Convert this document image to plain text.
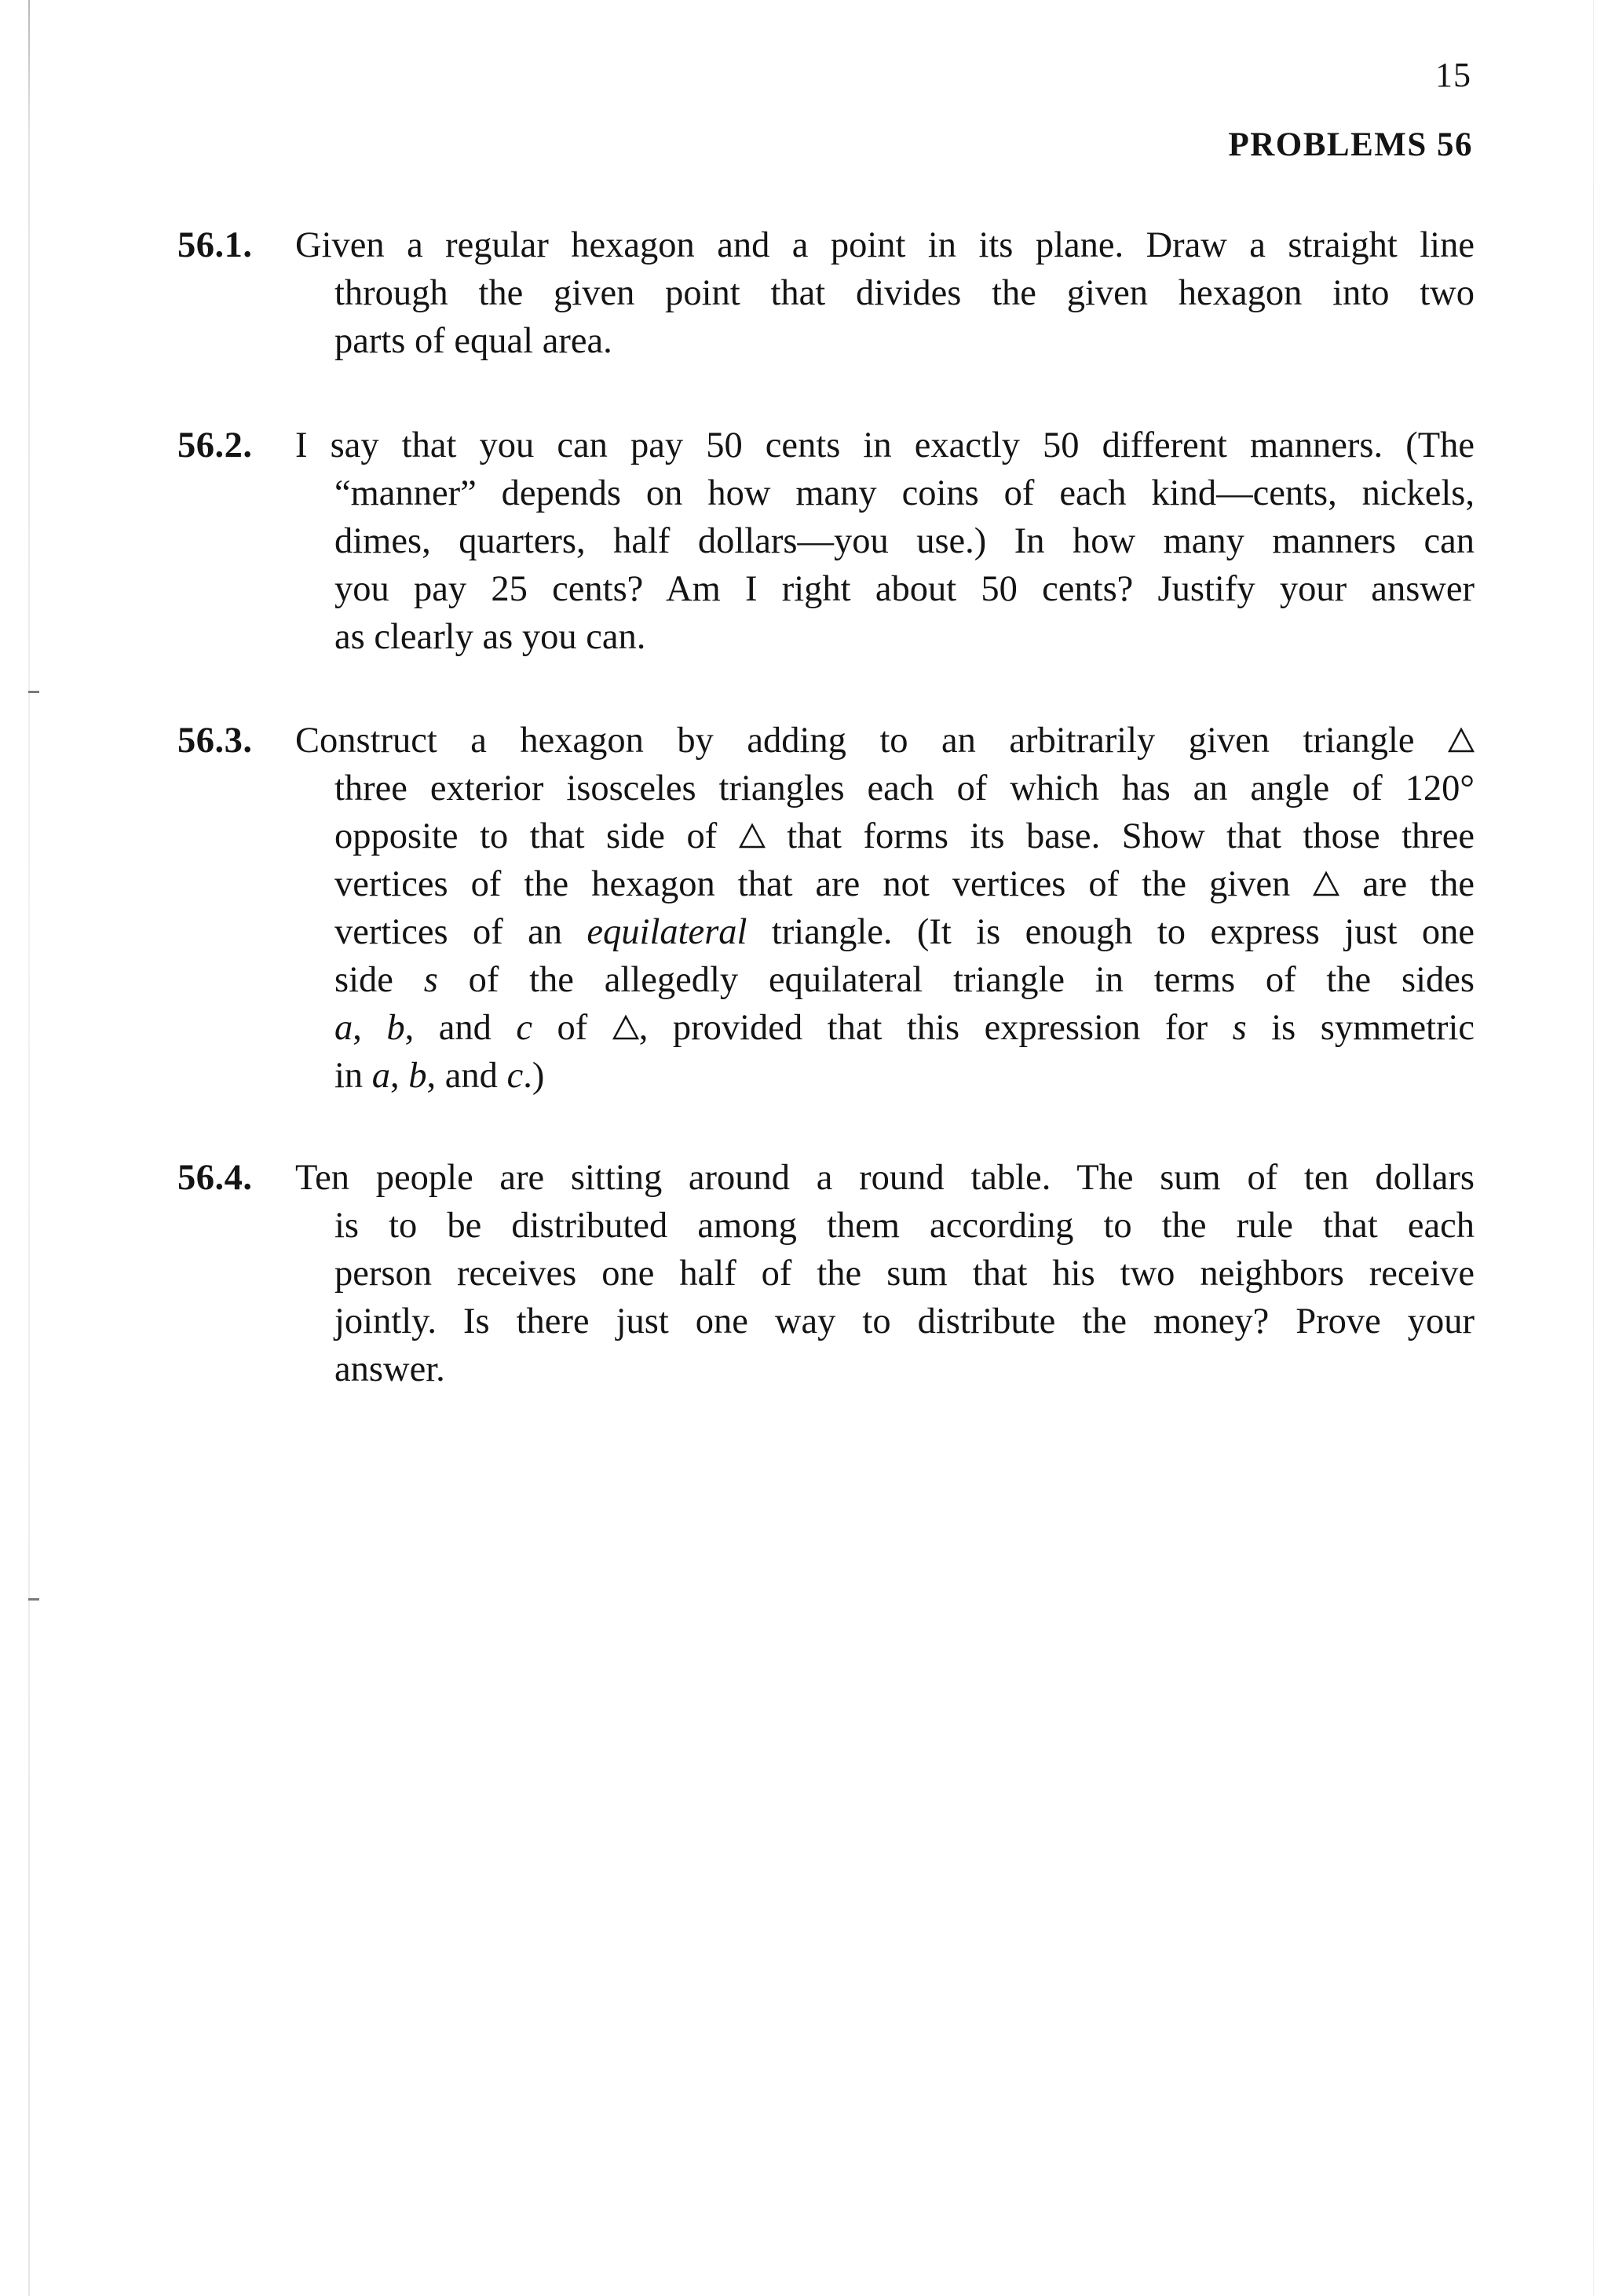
15
PROBLEMS 56
56.1. Given a regular hexagon and a point in its plane. Draw a straight line
through the given point that divides the given hexagon into two
parts of equal area.
56.2. I say that you can pay 50 cents in exactly 50 different manners. (The
“manner” depends on how many coins of each kind—cents, nickels,
dimes, quarters, half dollars—you use.) In how many manners can
you pay 25 cents? Am I right about 50 cents? Justify your answer
as clearly as you can.
56.3. Construct a hexagon by adding to an arbitrarily given triangle
three exterior isosceles triangles each of which has an angle of 120°
opposite to that side of that forms its base. Show that those three
vertices of the hexagon that are not vertices of the given are the
vertices of an equilateral triangle. (It is enough to express just one
side s of the allegedly equilateral triangle in terms of the sides
a, b, and c of , provided that this expression for s is symmetric
in a, b, and c.)
56.4. Ten people are sitting around a round table. The sum of ten dollars
is to be distributed among them according to the rule that each
person receives one half of the sum that his two neighbors receive
jointly. Is there just one way to distribute the money? Prove your
answer.
